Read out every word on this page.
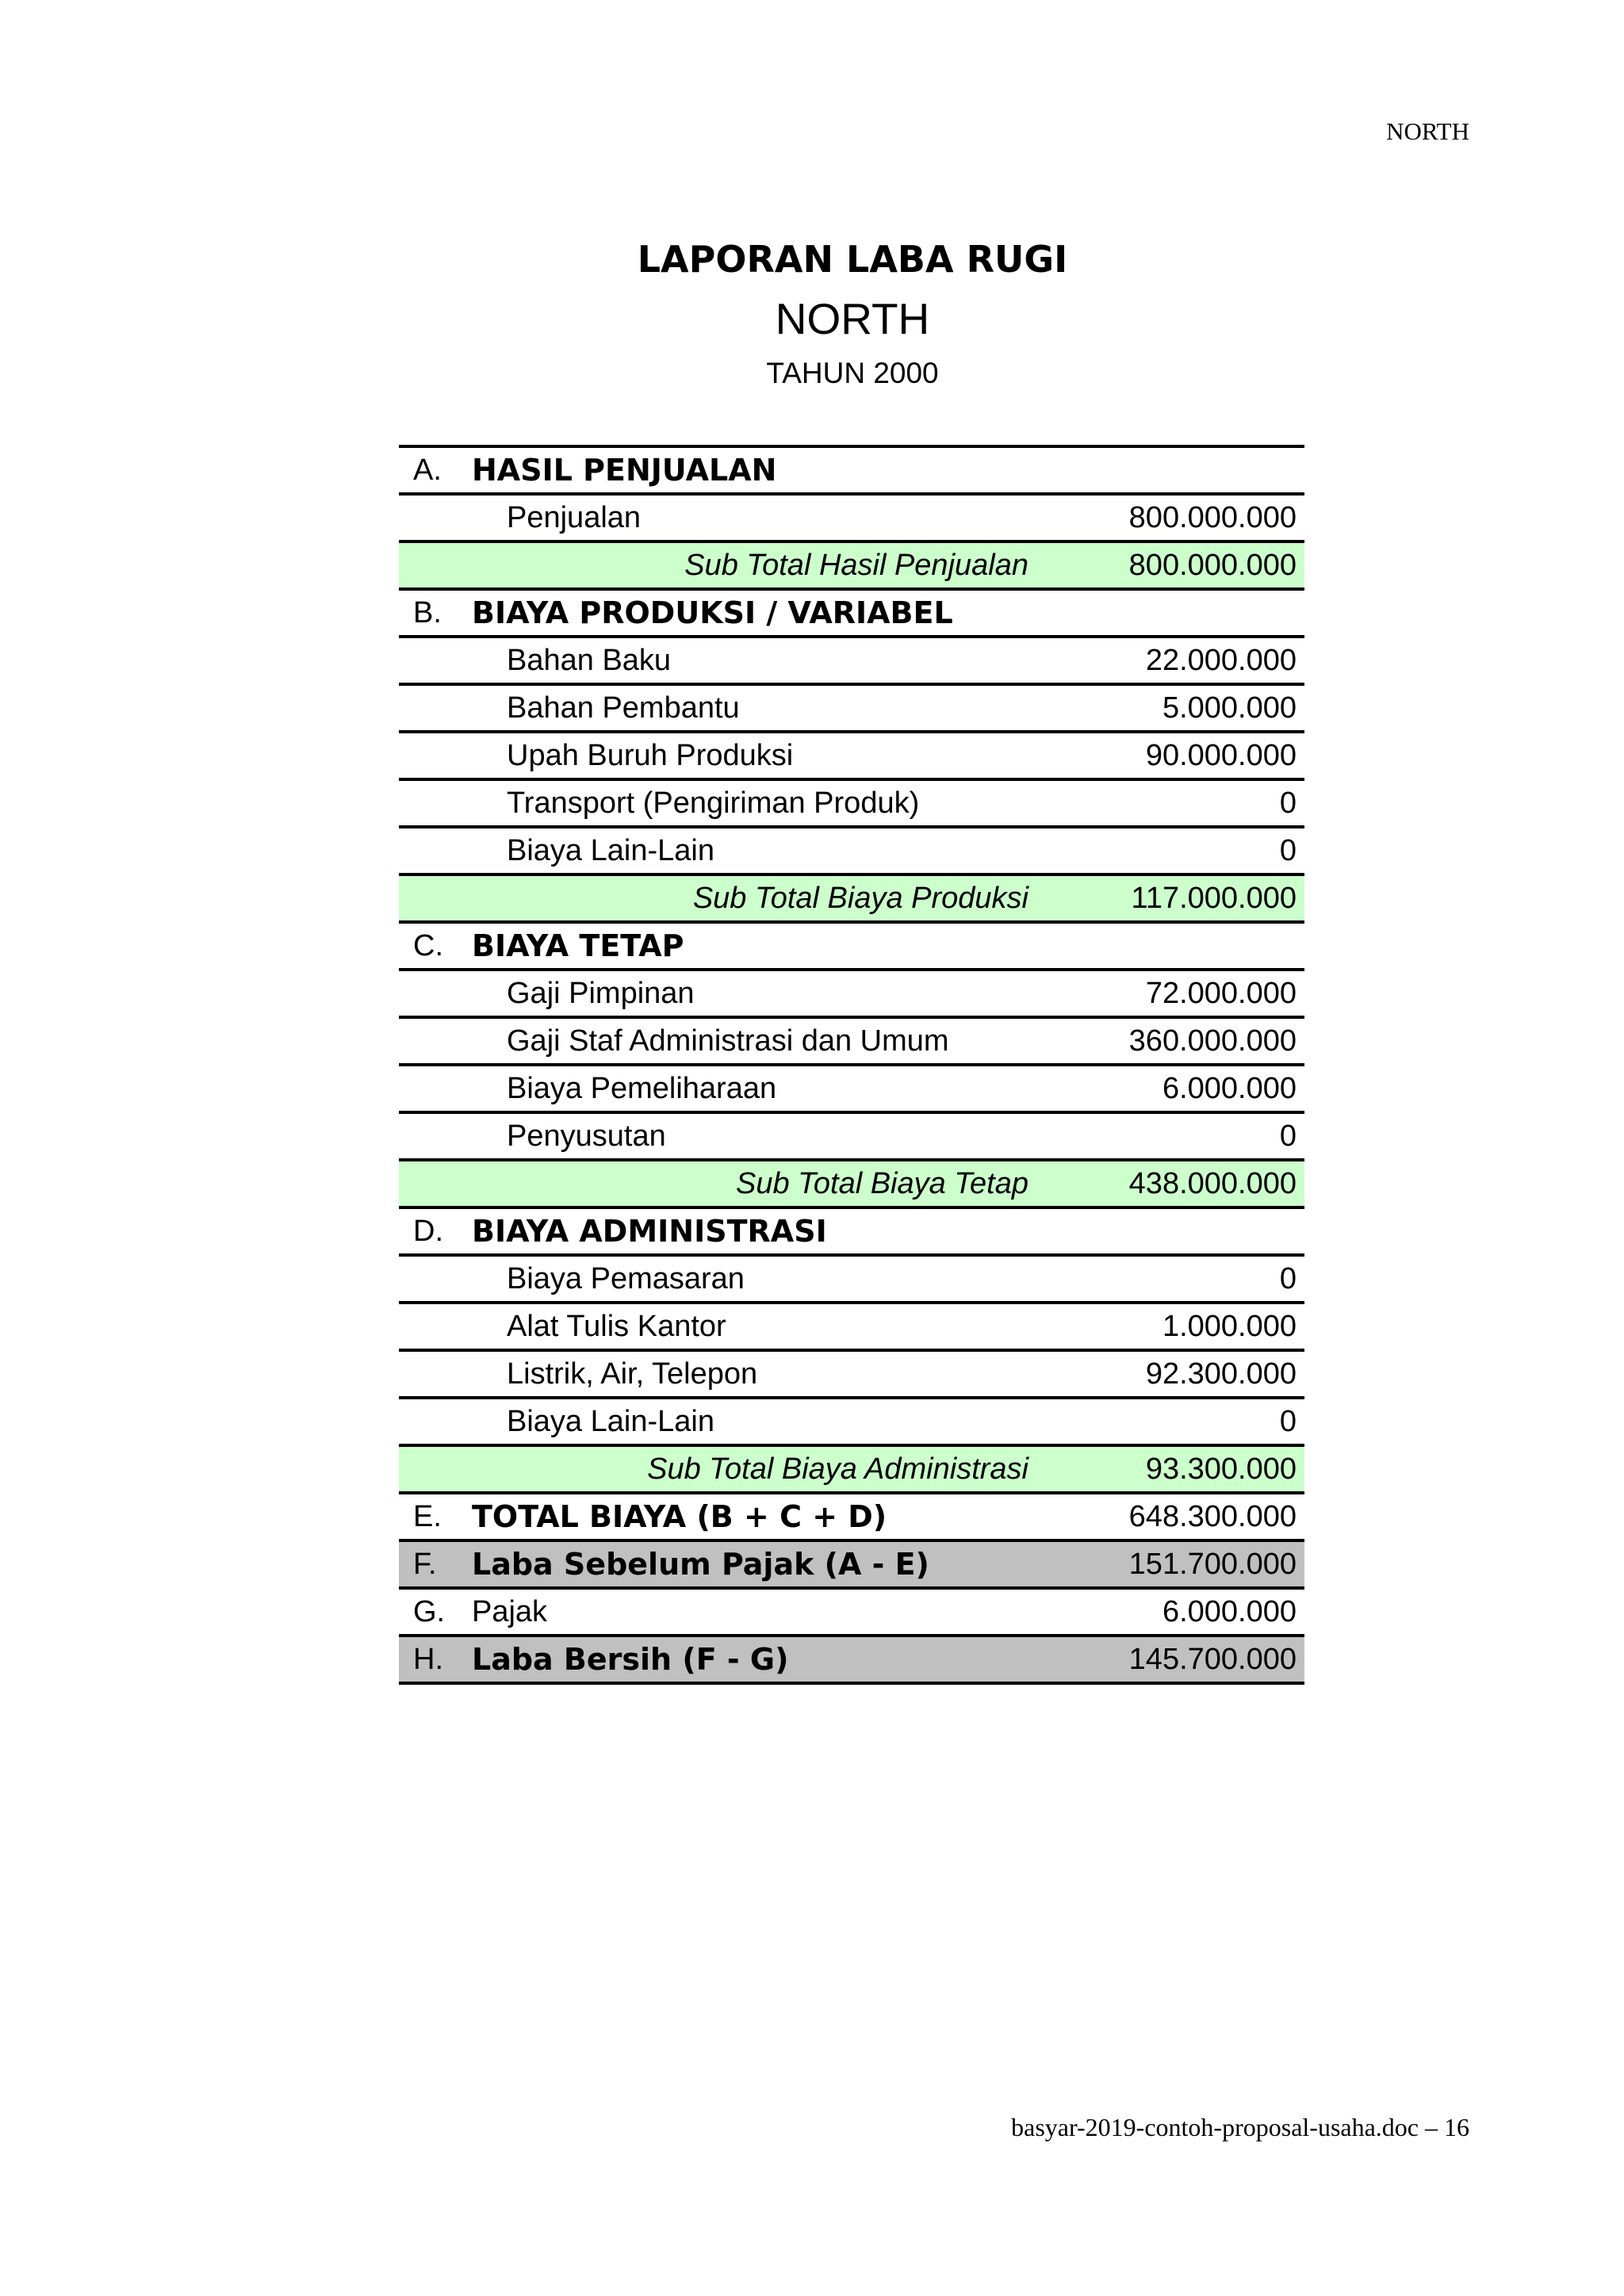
NORTH
LAPORAN LABA RUGI
NORTH
TAHUN 2000
A.	HASIL PENJUALAN	
Penjualan		800.000.000
Sub Total Hasil Penjualan		800.000.000
B.	BIAYA PRODUKSI / VARIABEL	
Bahan Baku		22.000.000
Bahan Pembantu		5.000.000
Upah Buruh Produksi		90.000.000
Transport (Pengiriman Produk)		0
Biaya Lain-Lain		0
Sub Total Biaya Produksi		117.000.000
C.	BIAYA TETAP	
Gaji Pimpinan		72.000.000
Gaji Staf Administrasi dan Umum		360.000.000
Biaya Pemeliharaan		6.000.000
Penyusutan		0
Sub Total Biaya Tetap		438.000.000
D.	BIAYA ADMINISTRASI	
Biaya Pemasaran		0
Alat Tulis Kantor		1.000.000
Listrik, Air, Telepon		92.300.000
Biaya Lain-Lain		0
Sub Total Biaya Administrasi		93.300.000
E.	TOTAL BIAYA (B + C + D)	648.300.000
F.	Laba Sebelum Pajak (A - E)	151.700.000
G.	Pajak	6.000.000
H.	Laba Bersih (F - G)	145.700.000
basyar-2019-contoh-proposal-usaha.doc – 16
